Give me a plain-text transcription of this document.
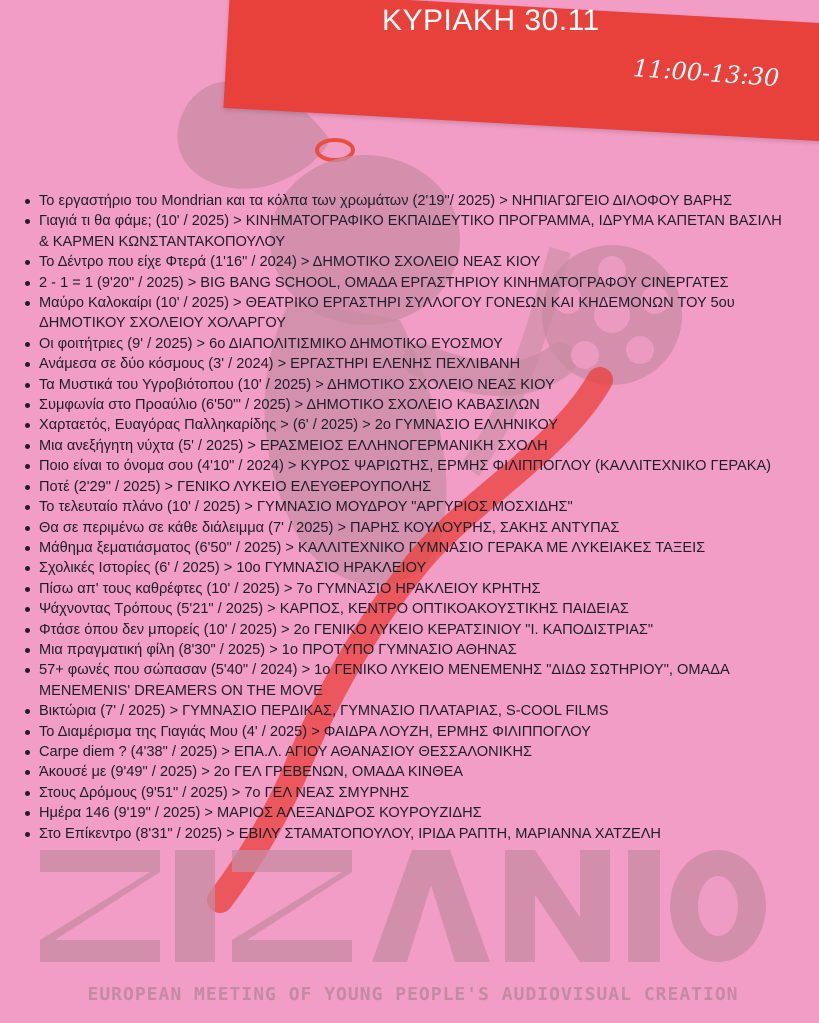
ΚΥΡΙΑΚΗ 30.11
11:00-13:30
Το εργαστήριο του Mondrian και τα κόλπα των χρωμάτων (2'19"/ 2025) > ΝΗΠΙΑΓΩΓΕΙΟ ΔΙΛΟΦΟΥ ΒΑΡΗΣ
Γιαγιά τι θα φάμε; (10' / 2025) > ΚΙΝΗΜΑΤΟΓΡΑΦΙΚΟ ΕΚΠΑΙΔΕΥΤΙΚΟ ΠΡΟΓΡΑΜΜΑ, ΙΔΡΥΜΑ ΚΑΠΕΤΑΝ ΒΑΣΙΛΗ & ΚΑΡΜΕΝ ΚΩΝΣΤΑΝΤΑΚΟΠΟΥΛΟΥ
Το Δέντρο που είχε Φτερά (1'16" / 2024) > ΔΗΜΟΤΙΚΟ ΣΧΟΛΕΙΟ ΝΕΑΣ ΚΙΟΥ
2 - 1 = 1 (9'20" / 2025) > BIG BANG SCHOOL, ΟΜΑΔΑ ΕΡΓΑΣΤΗΡΙΟΥ ΚΙΝΗΜΑΤΟΓΡΑΦΟΥ CINEΡΓΑΤΕΣ
Μαύρο Καλοκαίρι (10' / 2025) > ΘΕΑΤΡΙΚΟ ΕΡΓΑΣΤΗΡΙ ΣΥΛΛΟΓΟΥ ΓΟΝΕΩΝ ΚΑΙ ΚΗΔΕΜΟΝΩΝ ΤΟΥ 5ου ΔΗΜΟΤΙΚΟΥ ΣΧΟΛΕΙΟΥ ΧΟΛΑΡΓΟΥ
Οι φοιτήτριες (9' / 2025) > 6ο ΔΙΑΠΟΛΙΤΙΣΜΙΚΟ ΔΗΜΟΤΙΚΟ ΕΥΟΣΜΟΥ
Ανάμεσα σε δύο κόσμους (3' / 2024) > ΕΡΓΑΣΤΗΡΙ ΕΛΕΝΗΣ ΠΕΧΛΙΒΑΝΗ
Τα Μυστικά του Υγροβιότοπου (10' / 2025) > ΔΗΜΟΤΙΚΟ ΣΧΟΛΕΙΟ ΝΕΑΣ ΚΙΟΥ
Συμφωνία στο Προαύλιο (6'50"' / 2025) > ΔΗΜΟΤΙΚΟ ΣΧΟΛΕΙΟ ΚΑΒΑΣΙΛΩΝ
Χαρταετός, Ευαγόρας Παλληκαρίδης > (6' / 2025) > 2ο ΓΥΜΝΑΣΙΟ ΕΛΛΗΝΙΚΟΥ
Μια ανεξήγητη νύχτα (5' / 2025) > ΕΡΑΣΜΕΙΟΣ ΕΛΛΗΝΟΓΕΡΜΑΝΙΚΗ ΣΧΟΛΗ
Ποιο είναι το όνομα σου (4'10" / 2024) > ΚΥΡΟΣ ΨΑΡΙΩΤΗΣ, ΕΡΜΗΣ ΦΙΛΙΠΠΟΓΛΟΥ (ΚΑΛΛΙΤΕΧΝΙΚΟ ΓΕΡΑΚΑ)
Ποτέ (2'29" / 2025) > ΓΕΝΙΚΟ ΛΥΚΕΙΟ ΕΛΕΥΘΕΡΟΥΠΟΛΗΣ
Το τελευταίο πλάνο (10' / 2025) > ΓΥΜΝΑΣΙΟ ΜΟΥΔΡΟΥ "ΑΡΓΥΡΙΟΣ ΜΟΣΧΙΔΗΣ"
Θα σε περιμένω σε κάθε διάλειμμα (7' / 2025) > ΠΑΡΗΣ ΚΟΥΛΟΥΡΗΣ, ΣΑΚΗΣ ΑΝΤΥΠΑΣ
Μάθημα ξεματιάσματος (6'50" / 2025) > ΚΑΛΛΙΤΕΧΝΙΚΟ ΓΥΜΝΑΣΙΟ ΓΕΡΑΚΑ ΜΕ ΛΥΚΕΙΑΚΕΣ ΤΑΞΕΙΣ
Σχολικές Ιστορίες (6' / 2025) > 10ο ΓΥΜΝΑΣΙΟ ΗΡΑΚΛΕΙΟΥ
Πίσω απ' τους καθρέφτες (10' / 2025) > 7ο ΓΥΜΝΑΣΙΟ ΗΡΑΚΛΕΙΟΥ ΚΡΗΤΗΣ
Ψάχνοντας Τρόπους (5'21" / 2025) > ΚΑΡΠΟΣ, ΚΕΝΤΡΟ ΟΠΤΙΚΟΑΚΟΥΣΤΙΚΗΣ ΠΑΙΔΕΙΑΣ
Φτάσε όπου δεν μπορείς (10' / 2025) > 2ο ΓΕΝΙΚΟ ΛΥΚΕΙΟ ΚΕΡΑΤΣΙΝΙΟΥ "Ι. ΚΑΠΟΔΙΣΤΡΙΑΣ"
Μια πραγματική φίλη (8'30" / 2025) > 1ο ΠΡΟΤΥΠΟ ΓΥΜΝΑΣΙΟ ΑΘΗΝΑΣ
57+ φωνές που σώπασαν (5'40" / 2024) > 1ο ΓΕΝΙΚΟ ΛΥΚΕΙΟ ΜΕΝΕΜΕΝΗΣ "ΔΙΔΩ ΣΩΤΗΡΙΟΥ", ΟΜΑΔΑ MENEMENIS' DREAMERS ON THE MOVE
Βικτώρια (7' / 2025) > ΓΥΜΝΑΣΙΟ ΠΕΡΔΙΚΑΣ, ΓΥΜΝΑΣΙΟ ΠΛΑΤΑΡΙΑΣ, S-COOL FILMS
Το Διαμέρισμα της Γιαγιάς Μου (4' / 2025) > ΦΑΙΔΡΑ ΛΟΥΖΗ, ΕΡΜΗΣ ΦΙΛΙΠΠΟΓΛΟΥ
Carpe diem ? (4'38" / 2025) > ΕΠΑ.Λ. ΑΓΙΟΥ ΑΘΑΝΑΣΙΟΥ ΘΕΣΣΑΛΟΝΙΚΗΣ
Άκουσέ με (9'49" / 2025) > 2ο ΓΕΛ ΓΡΕΒΕΝΩΝ, ΟΜΑΔΑ ΚΙΝΘΕΑ
Στους Δρόμους (9'51" / 2025) > 7ο ΓΕΛ ΝΕΑΣ ΣΜΥΡΝΗΣ
Ημέρα 146 (9'19" / 2025) > ΜΑΡΙΟΣ ΑΛΕΞΑΝΔΡΟΣ ΚΟΥΡΟΥΖΙΔΗΣ
Στο Επίκεντρο (8'31" / 2025) > ΕΒΙΛΥ ΣΤΑΜΑΤΟΠΟΥΛΟΥ, ΙΡΙΔΑ ΡΑΠΤΗ, ΜΑΡΙΑΝΝΑ ΧΑΤΖΕΛΗ
EUROPEAN MEETING OF YOUNG PEOPLE'S AUDIOVISUAL CREATION
